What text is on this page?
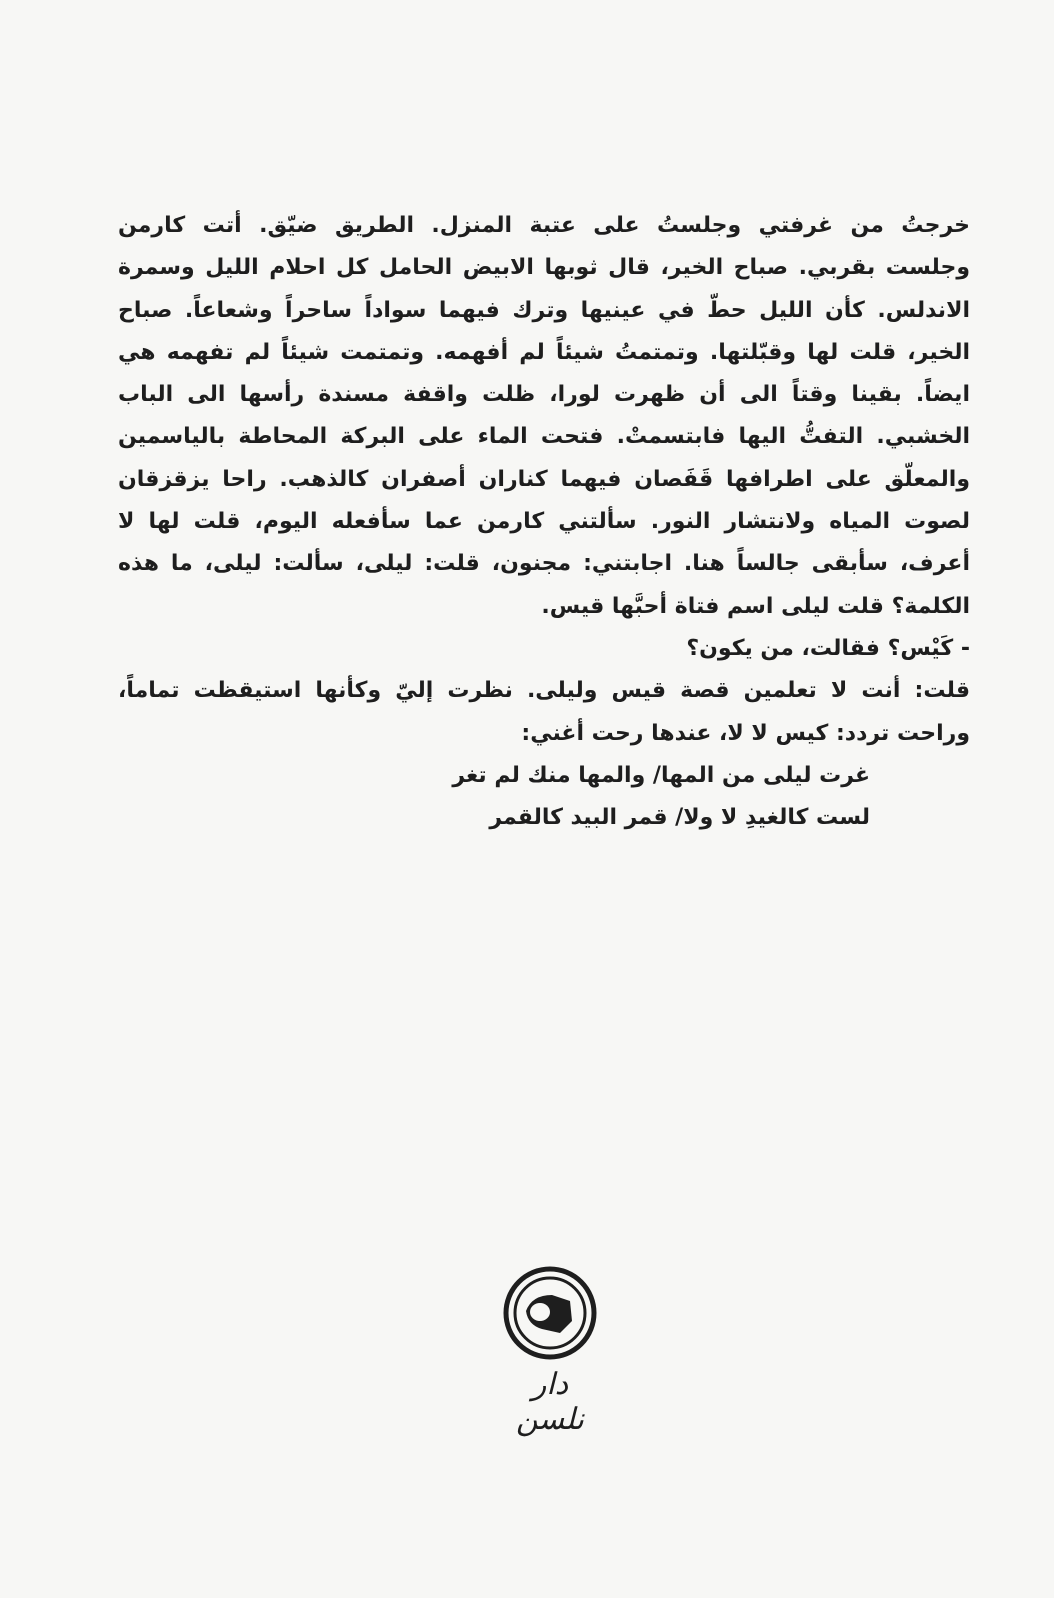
خرجتُ من غرفتي وجلستُ على عتبة المنزل. الطريق ضيّق. أتت كارمن
وجلست بقربي. صباح الخير، قال ثوبها الابيض الحامل كل احلام الليل وسمرة
الاندلس. كأن الليل حطّ في عينيها وترك فيهما سواداً ساحراً وشعاعاً. صباح
الخير، قلت لها وقبّلتها. وتمتمتُ شيئاً لم أفهمه. وتمتمت شيئاً لم تفهمه هي
ايضاً. بقينا وقتاً الى أن ظهرت لورا، ظلت واقفة مسندة رأسها الى الباب
الخشبي. التفتُّ اليها فابتسمتْ. فتحت الماء على البركة المحاطة بالياسمين
والمعلّق على اطرافها قَفَصان فيهما كناران أصفران كالذهب. راحا يزقزقان
لصوت المياه ولانتشار النور. سألتني كارمن عما سأفعله اليوم، قلت لها لا
أعرف، سأبقى جالساً هنا. اجابتني: مجنون، قلت: ليلى، سألت: ليلى، ما هذه
الكلمة؟ قلت ليلى اسم فتاة أحبَّها قيس.
- كَيْس؟ فقالت، من يكون؟
قلت: أنت لا تعلمين قصة قيس وليلى. نظرت إليّ وكأنها استيقظت تماماً،
وراحت تردد: كيس لا لا، عندها رحت أغني:
غرت ليلى من المها/ والمها منك لم تغر
لست كالغيدِ لا ولا/ قمر البيد كالقمر
دار نلسن
